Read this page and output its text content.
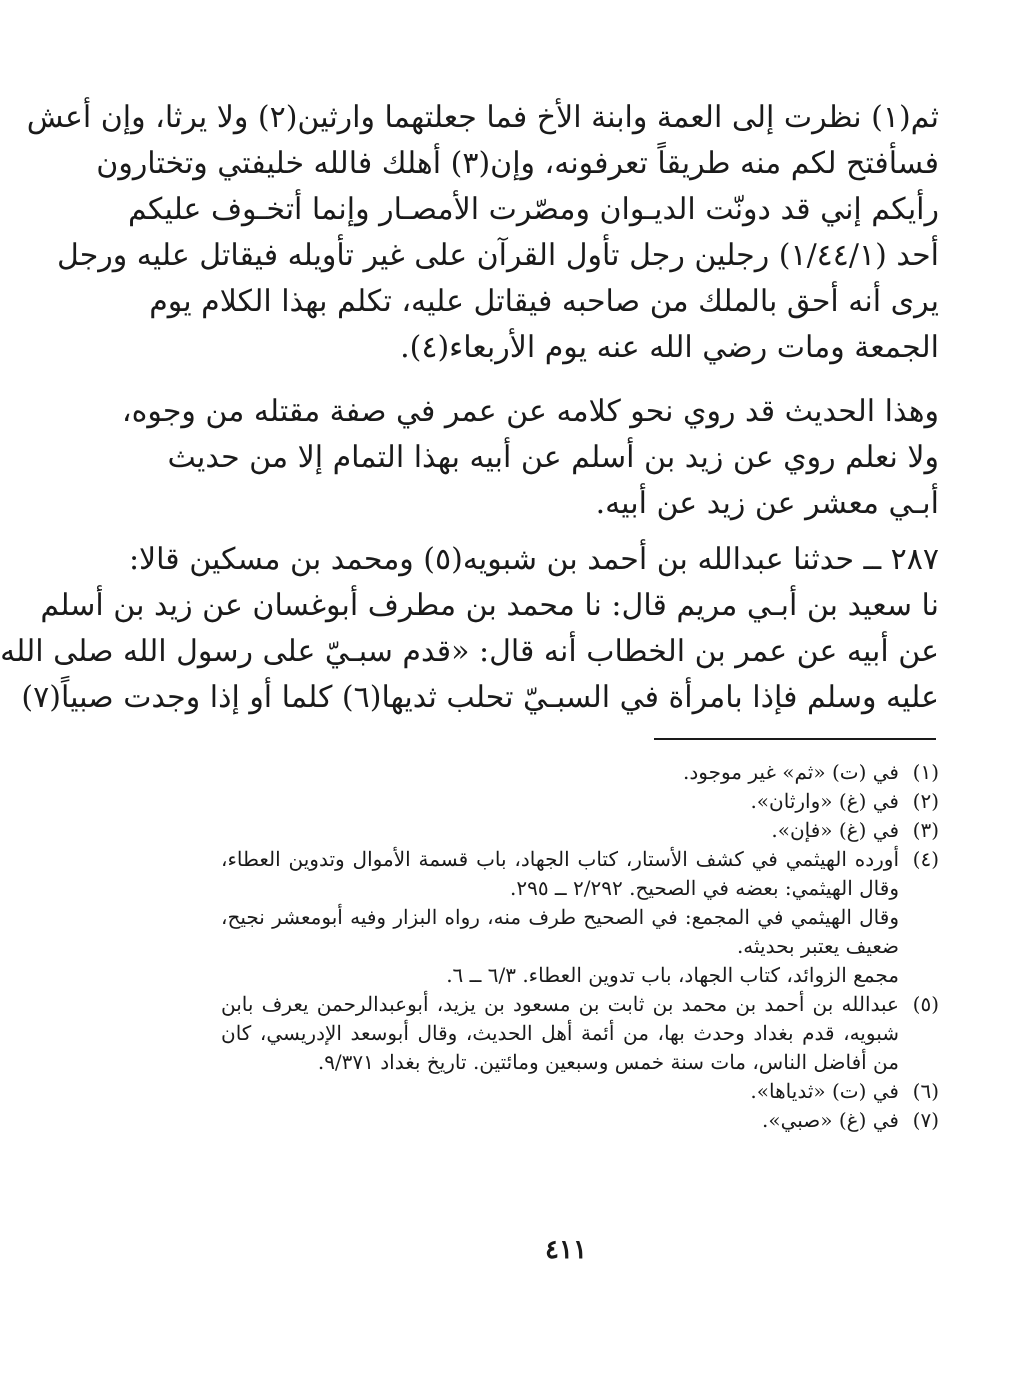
ثم(١) نظرت إلى العمة وابنة الأخ فما جعلتهما وارثين(٢) ولا يرثا، وإن أعش
فسأفتح لكم منه طريقاً تعرفونه، وإن(٣) أهلك فالله خليفتي وتختارون
رأيكم إني قد دونّت الديـوان ومصّرت الأمصـار وإنما أتخـوف عليكم
أحد (١/٤٤/١) رجلين رجل تأول القرآن على غير تأويله فيقاتل عليه ورجل
يرى أنه أحق بالملك من صاحبه فيقاتل عليه، تكلم بهذا الكلام يوم
الجمعة ومات رضي الله عنه يوم الأربعاء(٤).
وهذا الحديث قد روي نحو كلامه عن عمر في صفة مقتله من وجوه،
ولا نعلم روي عن زيد بن أسلم عن أبيه بهذا التمام إلا من حديث
أبـي معشر عن زيد عن أبيه.
٢٨٧ ــ حدثنا عبدالله بن أحمد بن شبويه(٥) ومحمد بن مسكين قالا:
نا سعيد بن أبـي مريم قال: نا محمد بن مطرف أبوغسان عن زيد بن أسلم
عن أبيه عن عمر بن الخطاب أنه قال: «قدم سبـيّ على رسول الله صلى الله
عليه وسلم فإذا بامرأة في السبـيّ تحلب ثديها(٦) كلما أو إذا وجدت صبياً(٧)
(١)
في (ت) «ثم» غير موجود.
(٢)
في (غ) «وارثان».
(٣)
في (غ) «فإن».
(٤)
أورده الهيثمي في كشف الأستار، كتاب الجهاد، باب قسمة الأموال وتدوين العطاء،
وقال الهيثمي: بعضه في الصحيح. ٢/٢٩٢ ــ ٢٩٥.
وقال الهيثمي في المجمع: في الصحيح طرف منه، رواه البزار وفيه أبومعشر نجيح،
ضعيف يعتبر بحديثه.
مجمع الزوائد، كتاب الجهاد، باب تدوين العطاء. ٦/٣ ــ ٦.
(٥)
عبدالله بن أحمد بن محمد بن ثابت بن مسعود بن يزيد، أبوعبدالرحمن يعرف بابن
شبويه، قدم بغداد وحدث بها، من أئمة أهل الحديث، وقال أبوسعد الإدريسي، كان
من أفاضل الناس، مات سنة خمس وسبعين ومائتين. تاريخ بغداد ٩/٣٧١.
(٦)
في (ت) «ثدياها».
(٧)
في (غ) «صبي».
٤١١
